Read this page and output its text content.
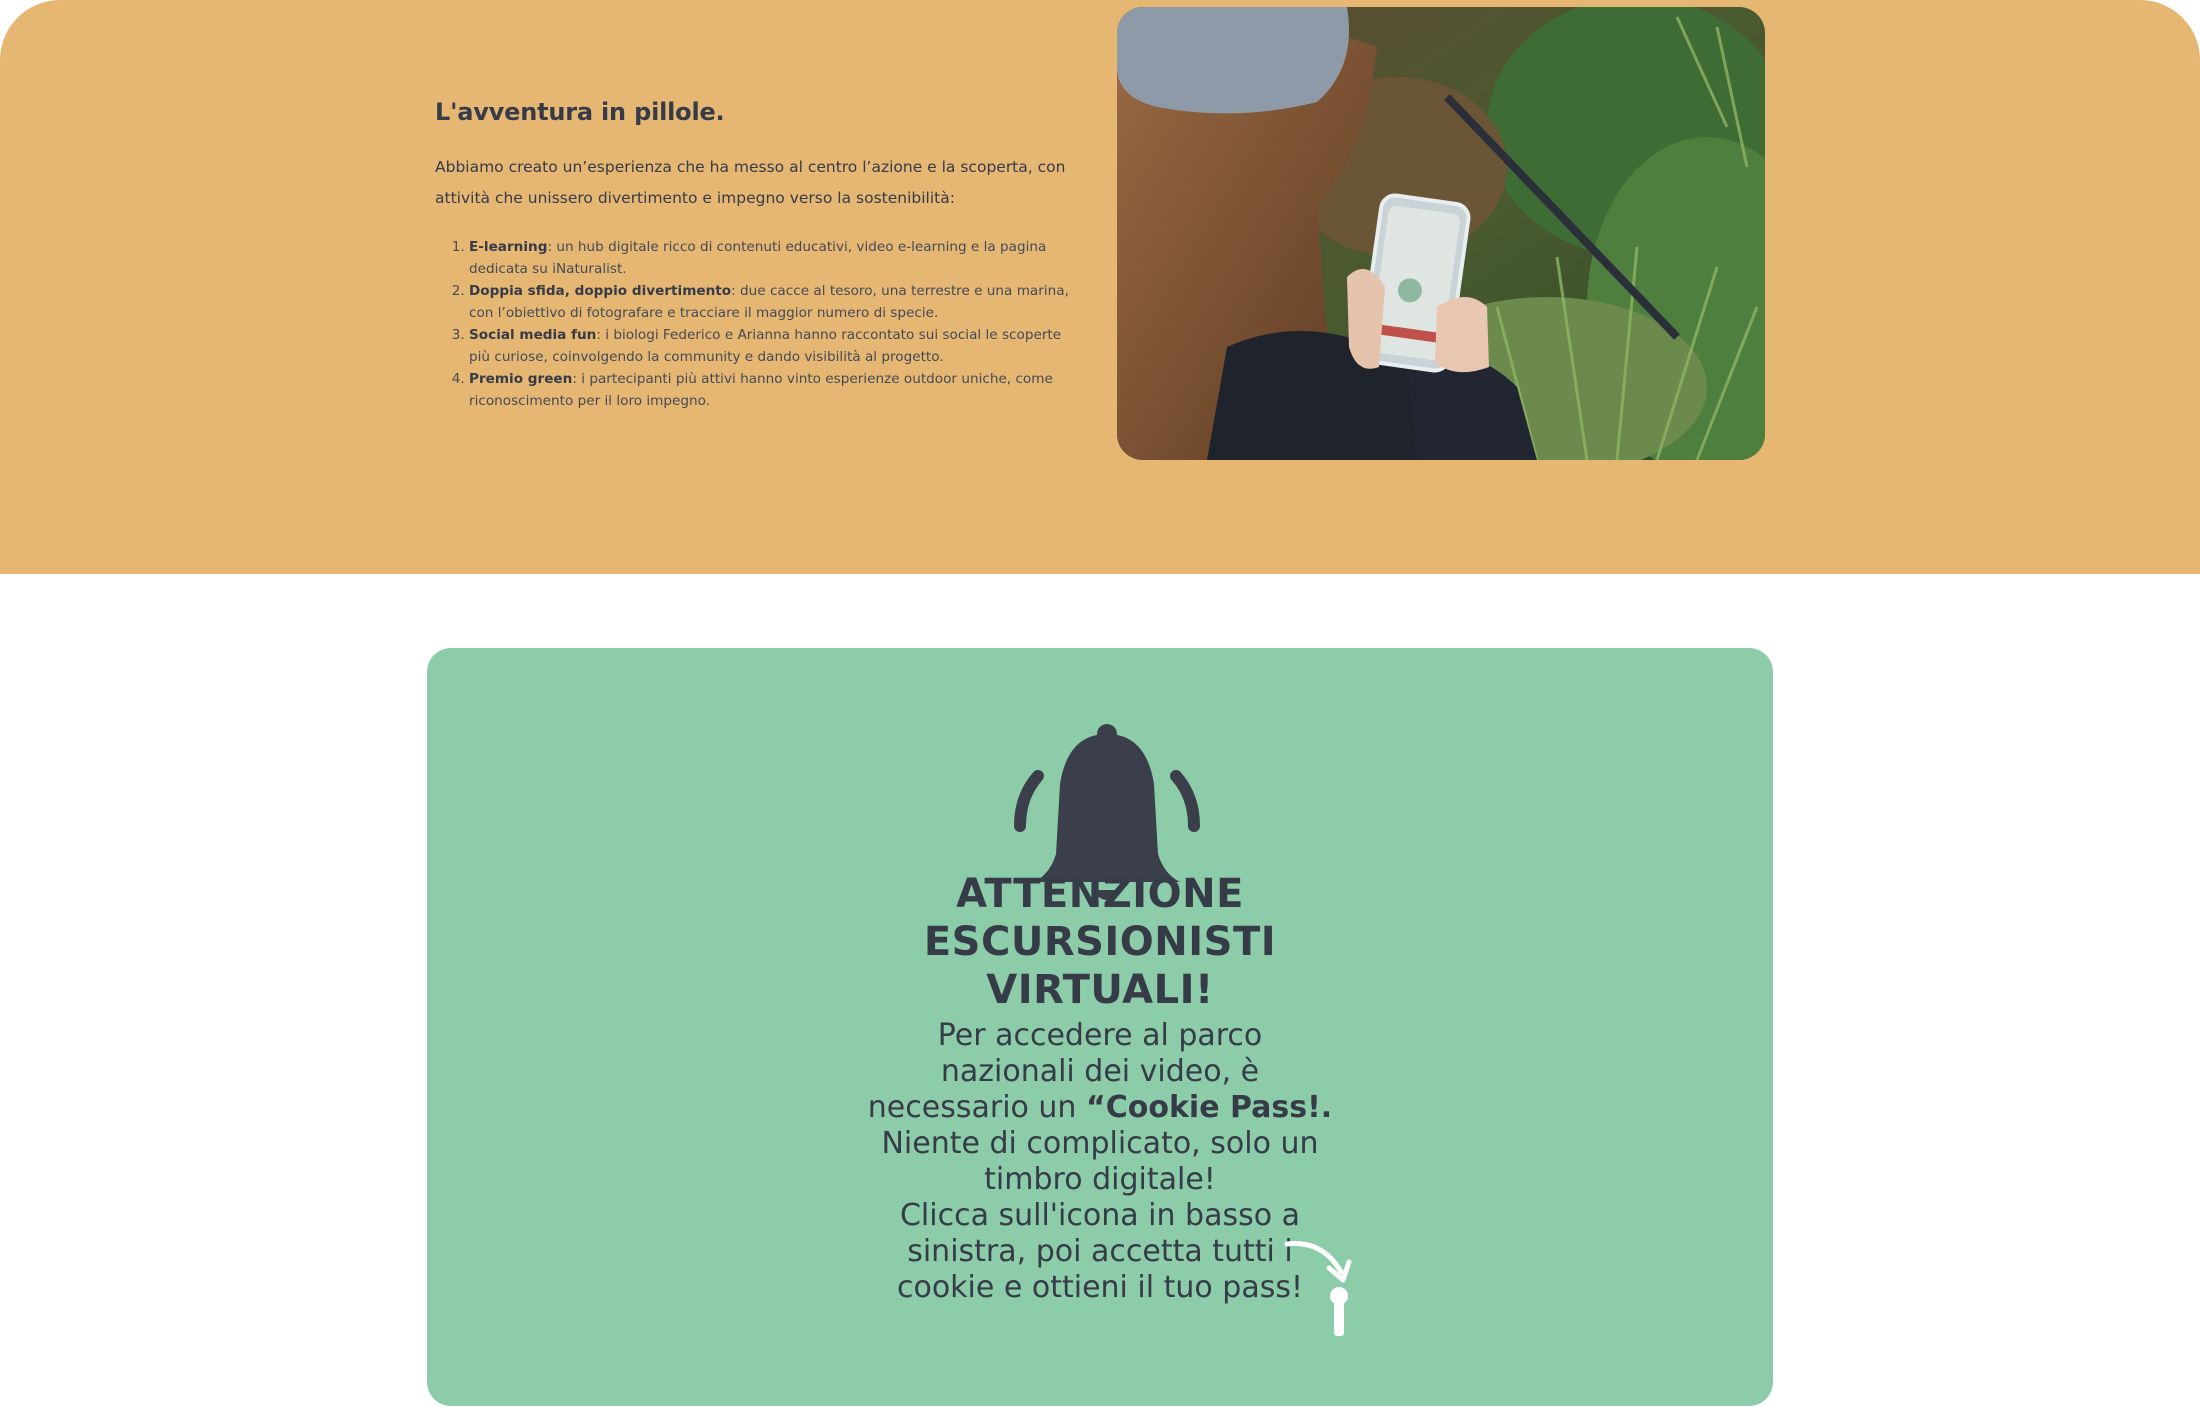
L'avventura in pillole.

Abbiamo creato un’esperienza che ha messo al centro l’azione e la scoperta, con attività che unissero divertimento e impegno verso la sostenibilità:

1. E-learning: un hub digitale ricco di contenuti educativi, video e-learning e la pagina dedicata su iNaturalist.
2. Doppia sfida, doppio divertimento: due cacce al tesoro, una terrestre e una marina, con l’obiettivo di fotografare e tracciare il maggior numero di specie.
3. Social media fun: i biologi Federico e Arianna hanno raccontato sui social le scoperte più curiose, coinvolgendo la community e dando visibilità al progetto.
4. Premio green: i partecipanti più attivi hanno vinto esperienze outdoor uniche, come riconoscimento per il loro impegno.
ATTENZIONE
ESCURSIONISTI
VIRTUALI!
Per accedere al parco
nazionali dei video, è
necessario un “Cookie Pass!.
Niente di complicato, solo un
timbro digitale!
Clicca sull'icona in basso a
sinistra, poi accetta tutti i
cookie e ottieni il tuo pass!
